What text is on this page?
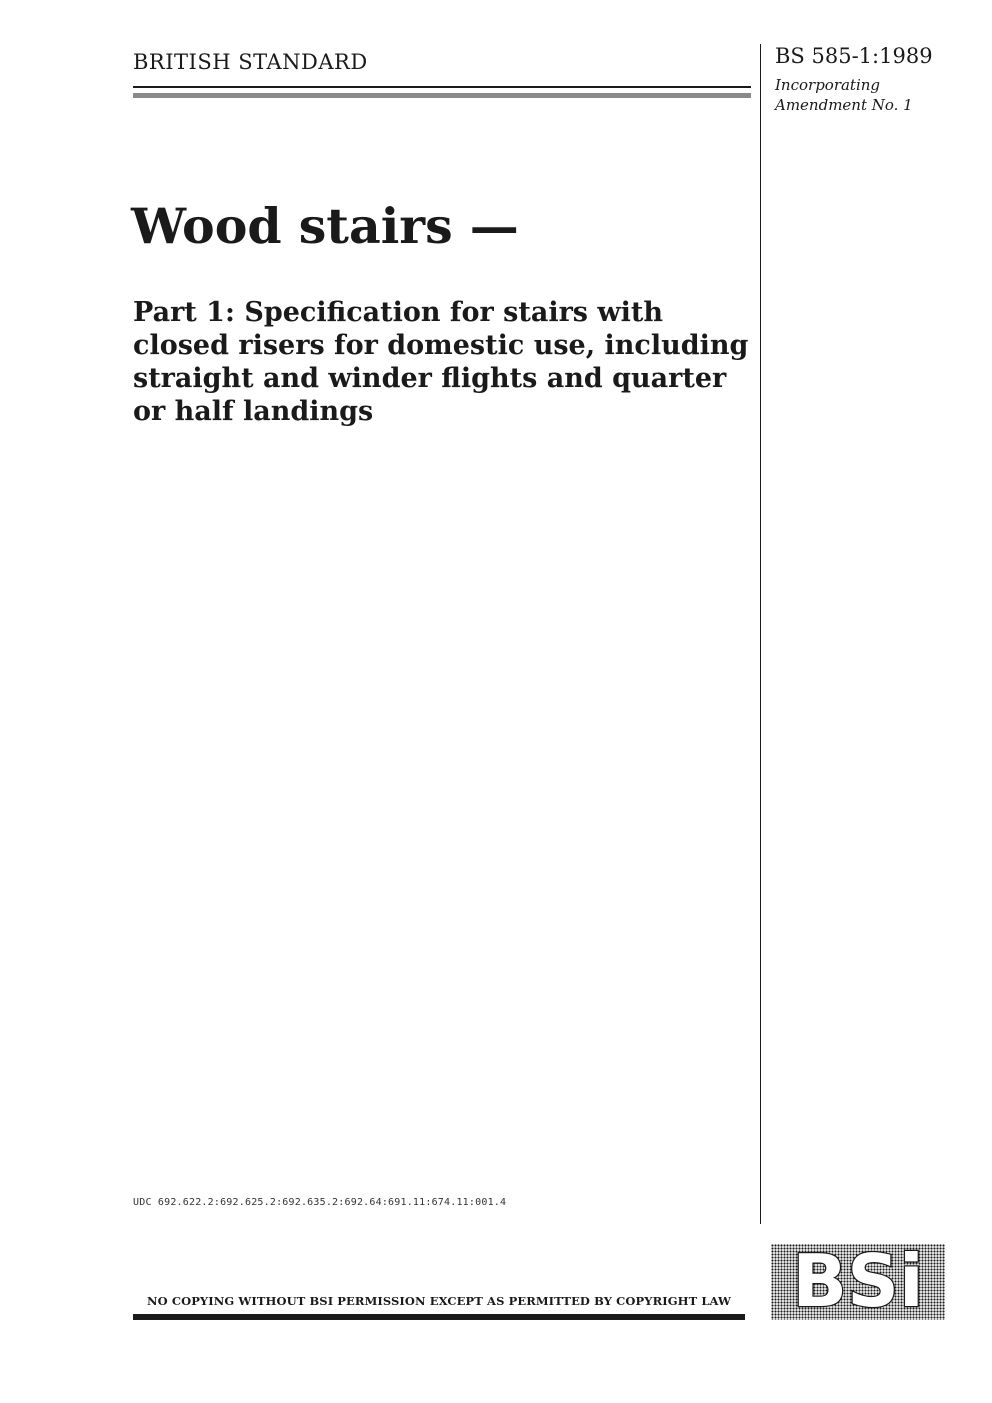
BRITISH STANDARD	BS 585-1:1989
Incorporating
Amendment No. 1
Wood stairs —
Part 1: Specification for stairs with
closed risers for domestic use, including
straight and winder flights and quarter
or half landings
UDC 692.622.2:692.625.2:692.635.2:692.64:691.11:674.11:001.4
NO COPYING WITHOUT BSI PERMISSION EXCEPT AS PERMITTED BY COPYRIGHT LAW BSi
